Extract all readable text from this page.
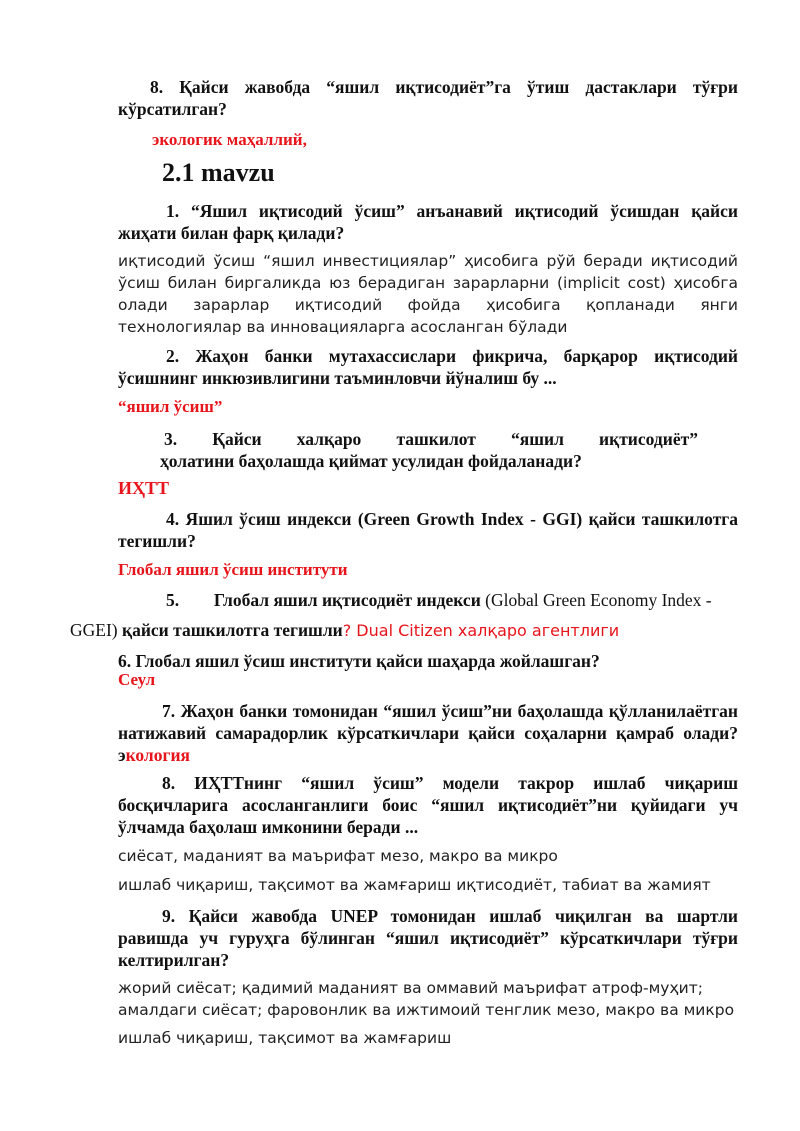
8. Қайси жавобда “яшил иқтисодиёт”га ўтиш дастаклари тўғри кўрсатилган?
экологик маҳаллий,
2.1 mavzu
1. “Яшил иқтисодий ўсиш” анъанавий иқтисодий ўсишдан қайси жиҳати билан фарқ қилади?
иқтисодий ўсиш “яшил инвестициялар” ҳисобига рўй беради иқтисодий ўсиш билан биргаликда юз берадиган зарарларни (implicit cost) ҳисобга олади зарарлар иқтисодий фойда ҳисобига қопланади янги технологиялар ва инновацияларга асосланган бўлади
2. Жаҳон банки мутахассислари фикрича, барқарор иқтисодий ўсишнинг инкюзивлигини таъминловчи йўналиш бу ...
“яшил ўсиш”
3. Қайси халқаро ташкилот “яшил иқтисодиёт”
ҳолатини баҳолашда қиймат усулидан фойдаланади?
ИҲТТ
4. Яшил ўсиш индекси (Green Growth Index - GGI) қайси ташкилотга тегишли?
Глобал яшил ўсиш институти
5. Глобал яшил иқтисодиёт индекси (Global Green Economy Index -
GGEI) қайси ташкилотга тегишли? Dual Citizen халқаро агентлиги
6. Глобал яшил ўсиш институти қайси шаҳарда жойлашган?
Сеул
7. Жаҳон банки томонидан “яшил ўсиш”ни баҳолашда қўлланилаётган натижавий самарадорлик кўрсаткичлари қайси соҳаларни қамраб олади? экология
8. ИҲТТнинг “яшил ўсиш” модели такрор ишлаб чиқариш босқичларига асосланганлиги боис “яшил иқтисодиёт”ни қуйидаги уч ўлчамда баҳолаш имконини беради ...
сиёсат, маданият ва маърифат мезо, макро ва микро
ишлаб чиқариш, тақсимот ва жамғариш иқтисодиёт, табиат ва жамият
9. Қайси жавобда UNEP томонидан ишлаб чиқилган ва шартли равишда уч гуруҳга бўлинган “яшил иқтисодиёт” кўрсаткичлари тўғри келтирилган?
жорий сиёсат; қадимий маданият ва оммавий маърифат атроф-муҳит;
амалдаги сиёсат; фаровонлик ва ижтимоий тенглик мезо, макро ва микро
ишлаб чиқариш, тақсимот ва жамғариш
